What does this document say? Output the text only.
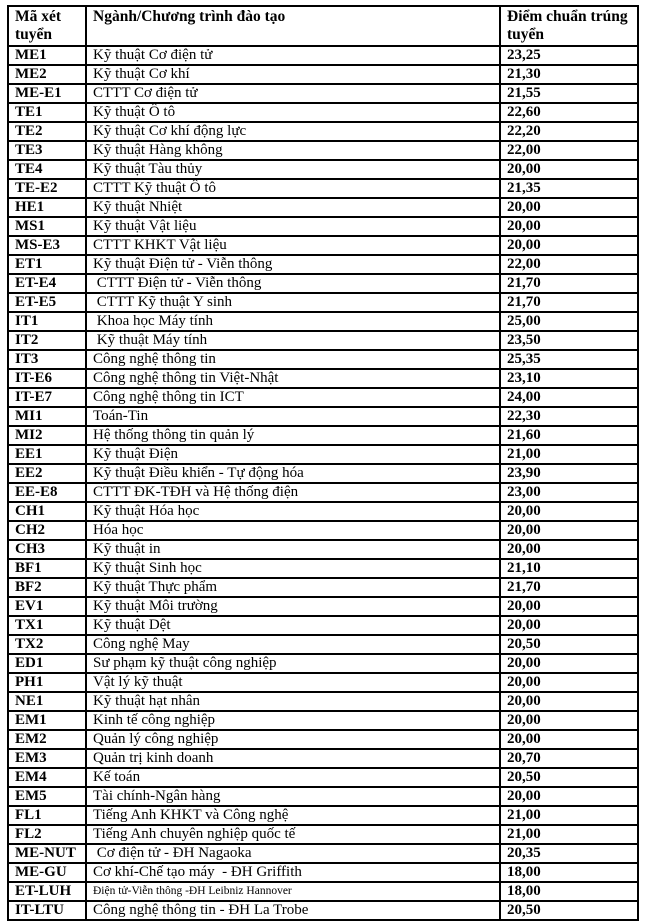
Mã xét tuyển	Ngành/Chương trình đào tạo	Điểm chuẩn trúng tuyển
ME1	Kỹ thuật Cơ điện tử	23,25
ME2	Kỹ thuật Cơ khí	21,30
ME-E1	CTTT Cơ điện tử	21,55
TE1	Kỹ thuật Ô tô	22,60
TE2	Kỹ thuật Cơ khí động lực	22,20
TE3	Kỹ thuật Hàng không	22,00
TE4	Kỹ thuật Tàu thủy	20,00
TE-E2	CTTT Kỹ thuật Ô tô	21,35
HE1	Kỹ thuật Nhiệt	20,00
MS1	Kỹ thuật Vật liệu	20,00
MS-E3	CTTT KHKT Vật liệu	20,00
ET1	Kỹ thuật Điện tử - Viễn thông	22,00
ET-E4	CTTT Điện tử - Viễn thông	21,70
ET-E5	CTTT Kỹ thuật Y sinh	21,70
IT1	Khoa học Máy tính	25,00
IT2	Kỹ thuật Máy tính	23,50
IT3	Công nghệ thông tin	25,35
IT-E6	Công nghệ thông tin Việt-Nhật	23,10
IT-E7	Công nghệ thông tin ICT	24,00
MI1	Toán-Tin	22,30
MI2	Hệ thống thông tin quản lý	21,60
EE1	Kỹ thuật Điện	21,00
EE2	Kỹ thuật Điều khiển - Tự động hóa	23,90
EE-E8	CTTT ĐK-TĐH và Hệ thống điện	23,00
CH1	Kỹ thuật Hóa học	20,00
CH2	Hóa học	20,00
CH3	Kỹ thuật in	20,00
BF1	Kỹ thuật Sinh học	21,10
BF2	Kỹ thuật Thực phẩm	21,70
EV1	Kỹ thuật Môi trường	20,00
TX1	Kỹ thuật Dệt	20,00
TX2	Công nghệ May	20,50
ED1	Sư phạm kỹ thuật công nghiệp	20,00
PH1	Vật lý kỹ thuật	20,00
NE1	Kỹ thuật hạt nhân	20,00
EM1	Kinh tế công nghiệp	20,00
EM2	Quản lý công nghiệp	20,00
EM3	Quản trị kinh doanh	20,70
EM4	Kế toán	20,50
EM5	Tài chính-Ngân hàng	20,00
FL1	Tiếng Anh KHKT và Công nghệ	21,00
FL2	Tiếng Anh chuyên nghiệp quốc tế	21,00
ME-NUT	Cơ điện tử - ĐH Nagaoka	20,35
ME-GU	Cơ khí-Chế tạo máy  - ĐH Griffith	18,00
ET-LUH	Điện tử-Viễn thông -ĐH Leibniz Hannover	18,00
IT-LTU	Công nghệ thông tin - ĐH La Trobe	20,50
